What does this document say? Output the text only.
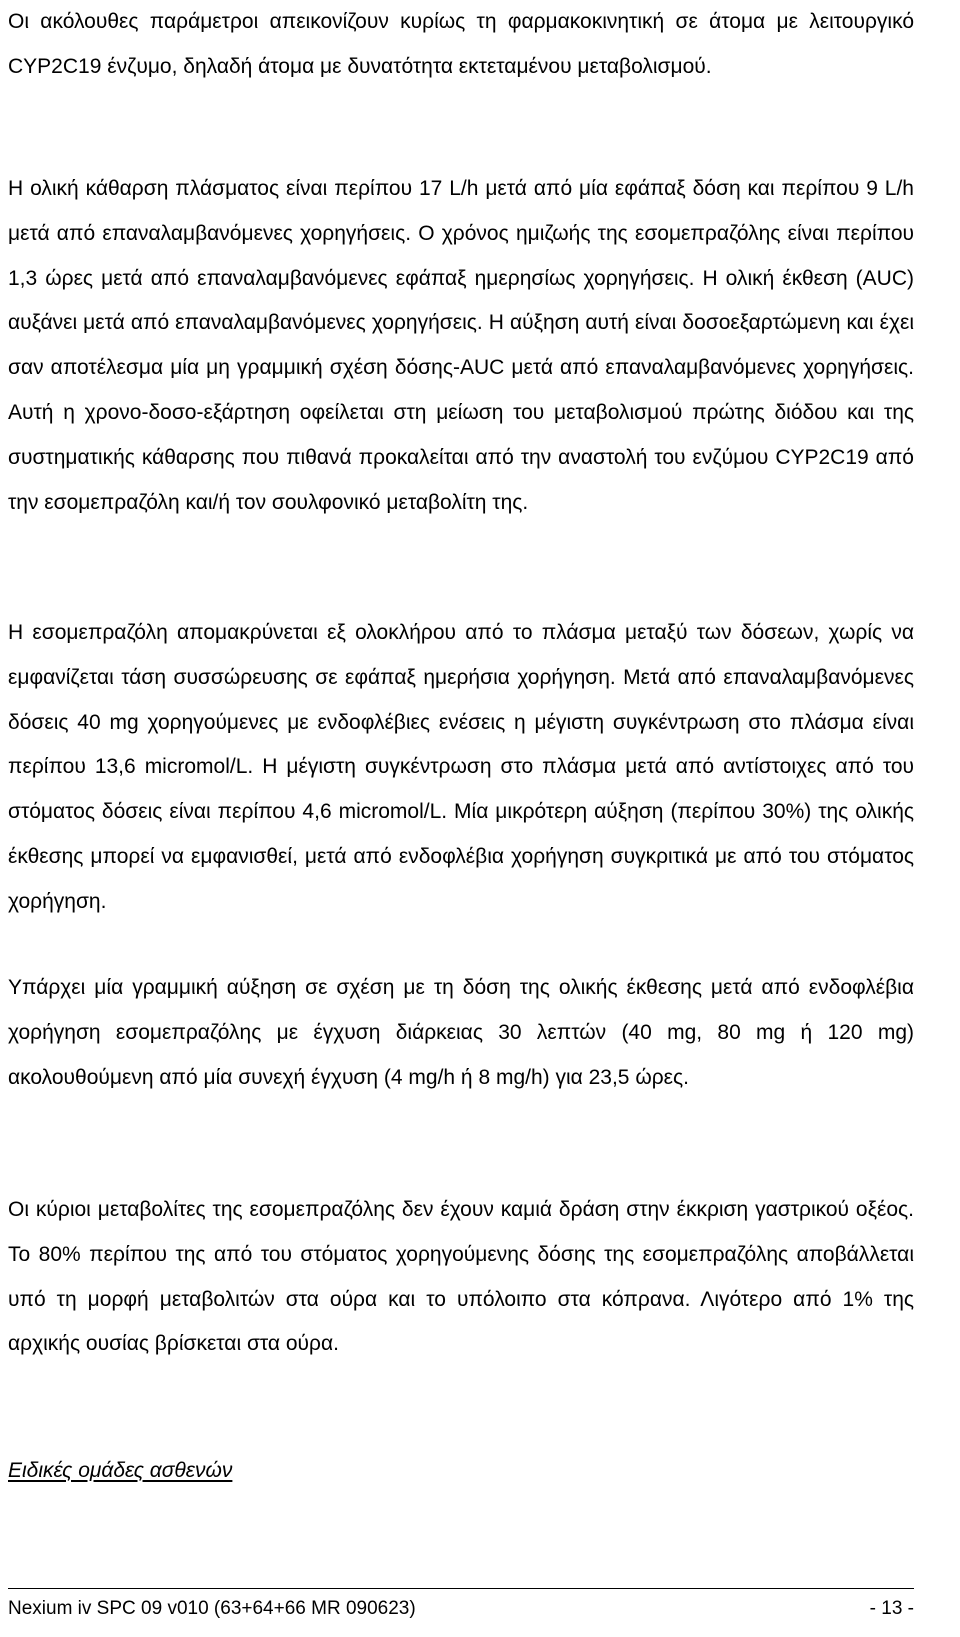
Οι ακόλουθες παράμετροι απεικονίζουν κυρίως τη φαρμακοκινητική σε άτομα με λειτουργικό CYP2C19 ένζυμο, δηλαδή άτομα με δυνατότητα εκτεταμένου μεταβολισμού.

Η ολική κάθαρση πλάσματος είναι περίπου 17 L/h μετά από μία εφάπαξ δόση και περίπου 9 L/h μετά από επαναλαμβανόμενες χορηγήσεις. Ο χρόνος ημιζωής της εσομεπραζόλης είναι περίπου 1,3 ώρες μετά από επαναλαμβανόμενες εφάπαξ ημερησίως χορηγήσεις. Η ολική έκθεση (AUC) αυξάνει μετά από επαναλαμβανόμενες χορηγήσεις. Η αύξηση αυτή είναι δοσοεξαρτώμενη και έχει σαν αποτέλεσμα μία μη γραμμική σχέση δόσης-AUC μετά από επαναλαμβανόμενες χορηγήσεις. Αυτή η χρονο-δοσο-εξάρτηση οφείλεται στη μείωση του μεταβολισμού πρώτης διόδου και της συστηματικής κάθαρσης που πιθανά προκαλείται από την αναστολή του ενζύμου CYP2C19 από την εσομεπραζόλη και/ή τον σουλφονικό μεταβολίτη της.

Η εσομεπραζόλη απομακρύνεται εξ ολοκλήρου από το πλάσμα μεταξύ των δόσεων, χωρίς να εμφανίζεται τάση συσσώρευσης σε εφάπαξ ημερήσια χορήγηση. Μετά από επαναλαμβανόμενες δόσεις 40 mg χορηγούμενες με ενδοφλέβιες ενέσεις η μέγιστη συγκέντρωση στο πλάσμα είναι περίπου 13,6 micromol/L. Η μέγιστη συγκέντρωση στο πλάσμα μετά από αντίστοιχες από του στόματος δόσεις είναι περίπου 4,6 micromol/L. Μία μικρότερη αύξηση (περίπου 30%) της ολικής έκθεσης μπορεί να εμφανισθεί, μετά από ενδοφλέβια χορήγηση συγκριτικά με από του στόματος χορήγηση.

Υπάρχει μία γραμμική αύξηση σε σχέση με τη δόση της ολικής έκθεσης μετά από ενδοφλέβια χορήγηση εσομεπραζόλης με έγχυση διάρκειας 30 λεπτών (40 mg, 80 mg ή 120 mg) ακολουθούμενη από μία συνεχή έγχυση (4 mg/h ή 8 mg/h) για 23,5 ώρες.

Οι κύριοι μεταβολίτες της εσομεπραζόλης δεν έχουν καμιά δράση στην έκκριση γαστρικού οξέος. Το 80% περίπου της από του στόματος χορηγούμενης δόσης της εσομεπραζόλης αποβάλλεται υπό τη μορφή μεταβολιτών στα ούρα και το υπόλοιπο στα κόπρανα. Λιγότερο από 1% της αρχικής ουσίας βρίσκεται στα ούρα.

Ειδικές ομάδες ασθενών

Nexium iv SPC 09 v010 (63+64+66 MR 090623)	- 13 -
